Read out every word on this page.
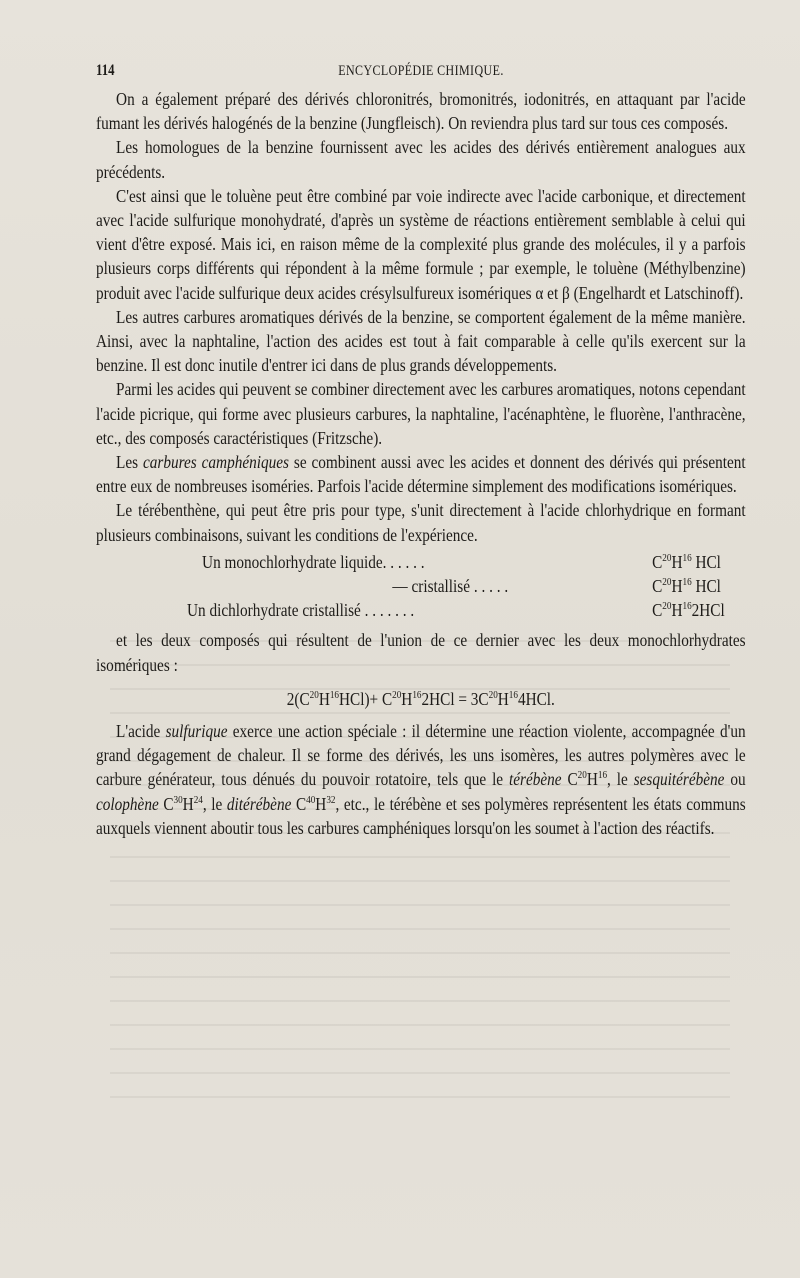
114	ENCYCLOPÉDIE CHIMIQUE.

On a également préparé des dérivés chloronitrés, bromonitrés, iodonitrés, en attaquant par l'acide fumant les dérivés halogénés de la benzine (Jungfleisch). On reviendra plus tard sur tous ces composés.

Les homologues de la benzine fournissent avec les acides des dérivés entièrement analogues aux précédents.

C'est ainsi que le toluène peut être combiné par voie indirecte avec l'acide carbonique, et directement avec l'acide sulfurique monohydraté, d'après un système de réactions entièrement semblable à celui qui vient d'être exposé. Mais ici, en raison même de la complexité plus grande des molécules, il y a parfois plusieurs corps différents qui répondent à la même formule ; par exemple, le toluène (Méthylbenzine) produit avec l'acide sulfurique deux acides crésylsulfureux isomériques α et β (Engelhardt et Latschinoff).

Les autres carbures aromatiques dérivés de la benzine, se comportent également de la même manière. Ainsi, avec la naphtaline, l'action des acides est tout à fait comparable à celle qu'ils exercent sur la benzine. Il est donc inutile d'entrer ici dans de plus grands développements.

Parmi les acides qui peuvent se combiner directement avec les carbures aromatiques, notons cependant l'acide picrique, qui forme avec plusieurs carbures, la naphtaline, l'acénaphtène, le fluorène, l'anthracène, etc., des composés caractéristiques (Fritzsche).

Les carbures camphéniques se combinent aussi avec les acides et donnent des dérivés qui présentent entre eux de nombreuses isoméries. Parfois l'acide détermine simplement des modifications isomériques.

Le térébenthène, qui peut être pris pour type, s'unit directement à l'acide chlorhydrique en formant plusieurs combinaisons, suivant les conditions de l'expérience.

Un monochlorhydrate liquide. . . . . .	$C^{20}H^{16}$ HCl
— cristallisé . . . . .	$C^{20}H^{16}$ HCl
Un dichlorhydrate cristallisé . . . . . . .	$C^{20}H^{16}2HCl$

et les deux composés qui résultent de l'union de ce dernier avec les deux monochlorhydrates isomériques :

$2(C^{20}H^{16}HCl)+ C^{20}H^{16}2HCl = 3C^{20}H^{16}4HCl$.

L'acide sulfurique exerce une action spéciale : il détermine une réaction violente, accompagnée d'un grand dégagement de chaleur. Il se forme des dérivés, les uns isomères, les autres polymères avec le carbure générateur, tous dénués du pouvoir rotatoire, tels que le térébène $C^{20}H^{16}$, le sesquitérébène ou colophène $C^{30}H^{24}$, le ditérébène $C^{40}H^{32}$, etc., le térébène et ses polymères représentent les états communs auxquels viennent aboutir tous les carbures camphéniques lorsqu'on les soumet à l'action des réactifs.
